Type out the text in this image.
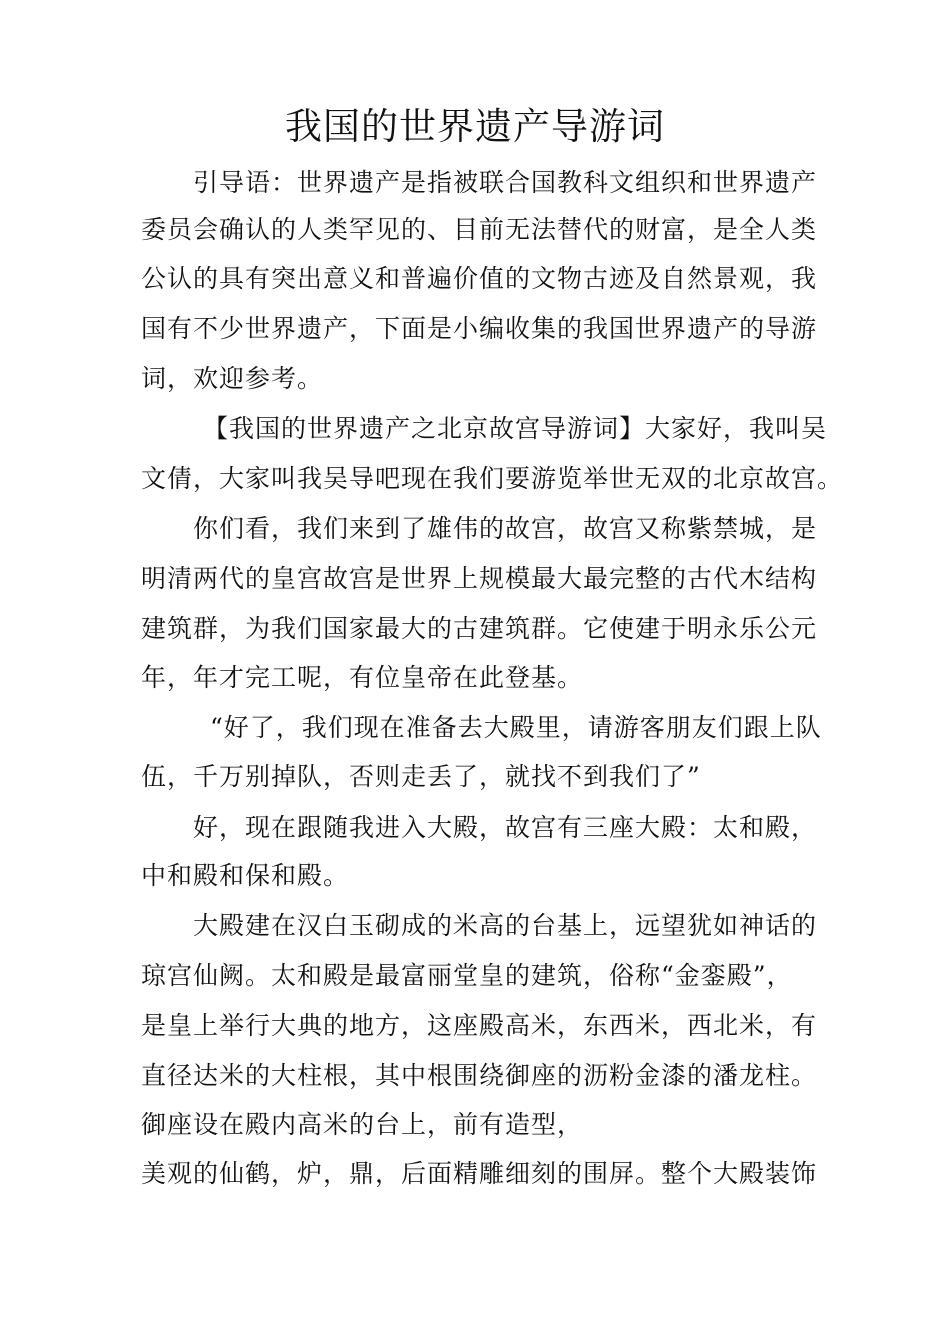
我国的世界遗产导游词
引导语：世界遗产是指被联合国教科文组织和世界遗产
委员会确认的人类罕见的、目前无法替代的财富，是全人类
公认的具有突出意义和普遍价值的文物古迹及自然景观，我
国有不少世界遗产，下面是小编收集的我国世界遗产的导游
词，欢迎参考。
【我国的世界遗产之北京故宫导游词】大家好，我叫吴
文倩，大家叫我吴导吧现在我们要游览举世无双的北京故宫。
你们看，我们来到了雄伟的故宫，故宫又称紫禁城，是
明清两代的皇宫故宫是世界上规模最大最完整的古代木结构
建筑群，为我们国家最大的古建筑群。它使建于明永乐公元
年，年才完工呢，有位皇帝在此登基。
“好了，我们现在准备去大殿里，请游客朋友们跟上队
伍，千万别掉队，否则走丢了，就找不到我们了”
好，现在跟随我进入大殿，故宫有三座大殿：太和殿，
中和殿和保和殿。
大殿建在汉白玉砌成的米高的台基上，远望犹如神话的
琼宫仙阙。太和殿是最富丽堂皇的建筑，俗称“金銮殿”，
是皇上举行大典的地方，这座殿高米，东西米，西北米，有
直径达米的大柱根，其中根围绕御座的沥粉金漆的潘龙柱。
御座设在殿内高米的台上，前有造型，
美观的仙鹤，炉，鼎，后面精雕细刻的围屏。整个大殿装饰
